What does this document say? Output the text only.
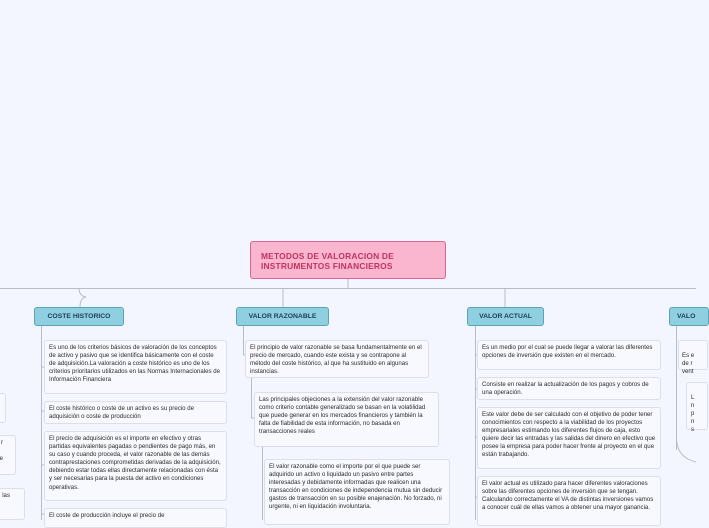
METODOS DE VALORACION DE INSTRUMENTOS FINANCIEROS
COSTE HISTORICO	VALOR RAZONABLE	VALOR ACTUAL	VALO
Es uno de los criterios básicos de valoración de los conceptos de activo y pasivo que se identifica básicamente con el coste de adquisición.La valoración a coste histórico es uno de los criterios prioritarios utilizados en las Normas Internacionales de Información Financiera
El coste histórico o coste de un activo es su precio de adquisición o coste de producción
El precio de adquisición es el importe en efectivo y otras partidas equivalentes pagadas o pendientes de pago más, en su caso y cuando proceda, el valor razonable de las demás contraprestaciones comprometidas derivadas de la adquisición, debiendo estar todas ellas directamente relacionadas con ésta y ser necesarias para la puesta del activo en condiciones operativas.
El coste de producción incluye el precio de
El principio de valor razonable se basa fundamentalmente en el precio de mercado, cuando este exista y se contrapone al método del coste histórico, al que ha sustituido en algunas instancias.
Las principales objeciones a la extensión del valor razonable como criterio contable generalizado se basan en la volatilidad que puede generar en los mercados financieros y también la falta de fiabilidad de esta información, no basada en transacciones reales
El valor razonable como el importe por el que puede ser adquirido un activo o liquidado un pasivo entre partes interesadas y debidamente informadas que realicen una transacción en condiciones de independencia mutua sin deducir gastos de transacción en su posible enajenación. No forzado, ni urgente, ni en liquidación involuntaria.
Es un medio por el cual se puede llegar a valorar las diferentes opciones de inversión que existen en el mercado.
Consiste en realizar la actualización de los pagos y cobros de una operación.
Este valor debe de ser calculado con el objetivo de poder tener conocimientos con respecto a la viabilidad de los proyectos empresariales estimando los diferentes flujos de caja, esto quiere decir las entradas y las salidas del dinero en efectivo que posee la empresa para poder hacer frente al proyecto en el que están trabajando.
El valor actual es utilizado para hacer diferentes valoraciones sobre las diferentes opciones de inversión que se tengan. Calculando correctamente el VA de distintas inversiones vamos a conocer cuál de ellas vamos a obtener una mayor ganancia.

Es e
de r
vent

L
n
p
n
s

r
e
las
